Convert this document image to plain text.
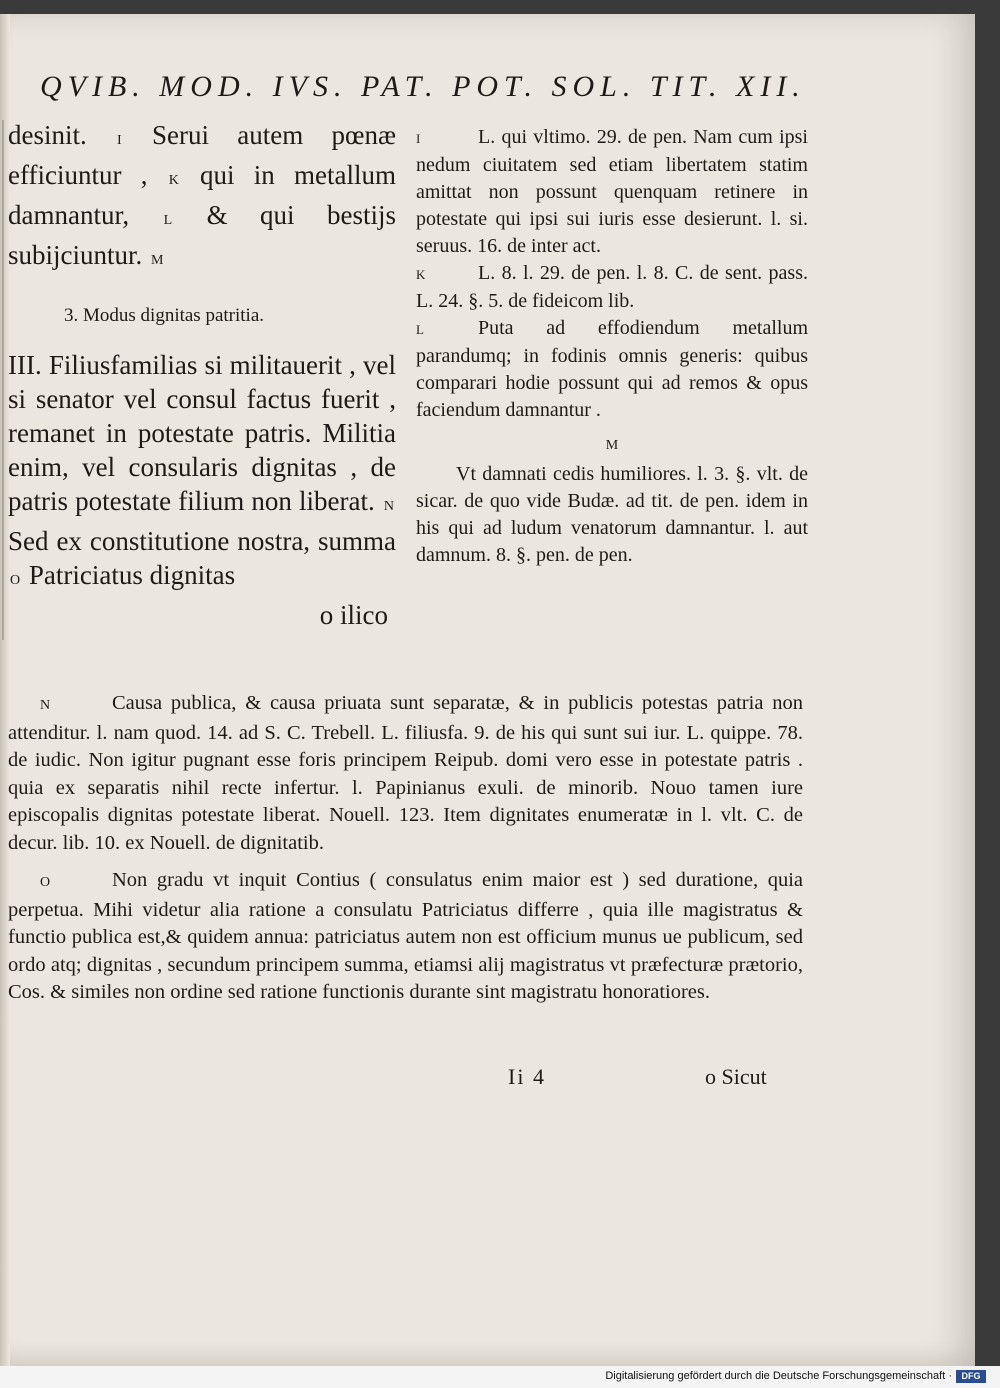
QVIB. MOD. IVS. PAT. POT. SOL. TIT. XII.

desinit. I Serui autem pœnæ efficiuntur , K qui in metallum damnantur, L & qui bestijs subijciuntur. M

3. Modus dignitas patritia.

III. Filiusfamilias si militauerit , vel si senator vel consul factus fuerit , remanet in potestate patris. Militia enim, vel consularis dignitas , de patris potestate filium non liberat. N Sed ex constitutione nostra, summa O Patriciatus dignitas

o ilico

I	L. qui vltimo. 29. de pen. Nam cum ipsi nedum ciuitatem sed etiam libertatem statim amittat non possunt quenquam retinere in potestate qui ipsi sui iuris esse desierunt. l. si. seruus. 16. de inter act.

K	L. 8. l. 29. de pen. l. 8. C. de sent. pass. L. 24. §. 5. de fideicom lib.

L	Puta ad effodiendum metallum parandumq; in fodinis omnis generis: quibus comparari hodie possunt qui ad remos & opus faciendum damnantur .

M

Vt damnati cedis humiliores. l. 3. §. vlt. de sicar. de quo vide Budæ. ad tit. de pen. idem in his qui ad ludum venatorum damnantur. l. aut damnum. 8. §. pen. de pen.

N	Causa publica, & causa priuata sunt separatæ, & in publicis potestas patria non attenditur. l. nam quod. 14. ad S. C. Trebell. L. filiusfa. 9. de his qui sunt sui iur. L. quippe. 78. de iudic. Non igitur pugnant esse foris principem Reipub. domi vero esse in potestate patris . quia ex separatis nihil recte infertur. l. Papinianus exuli. de minorib. Nouo tamen iure episcopalis dignitas potestate liberat. Nouell. 123. Item dignitates enumeratæ in l. vlt. C. de decur. lib. 10. ex Nouell. de dignitatib.

O	Non gradu vt inquit Contius ( consulatus enim maior est ) sed duratione, quia perpetua. Mihi videtur alia ratione a consulatu Patriciatus differre , quia ille magistratus & functio publica est,& quidem annua: patriciatus autem non est officium munus ue publicum, sed ordo atq; dignitas , secundum principem summa, etiamsi alij magistratus vt præfecturæ prætorio, Cos. & similes non ordine sed ratione functionis durante sint magistratu honoratiores.

Ii 4	o Sicut
Digitalisierung gefördert durch die Deutsche Forschungsgemeinschaft ·	DFG
